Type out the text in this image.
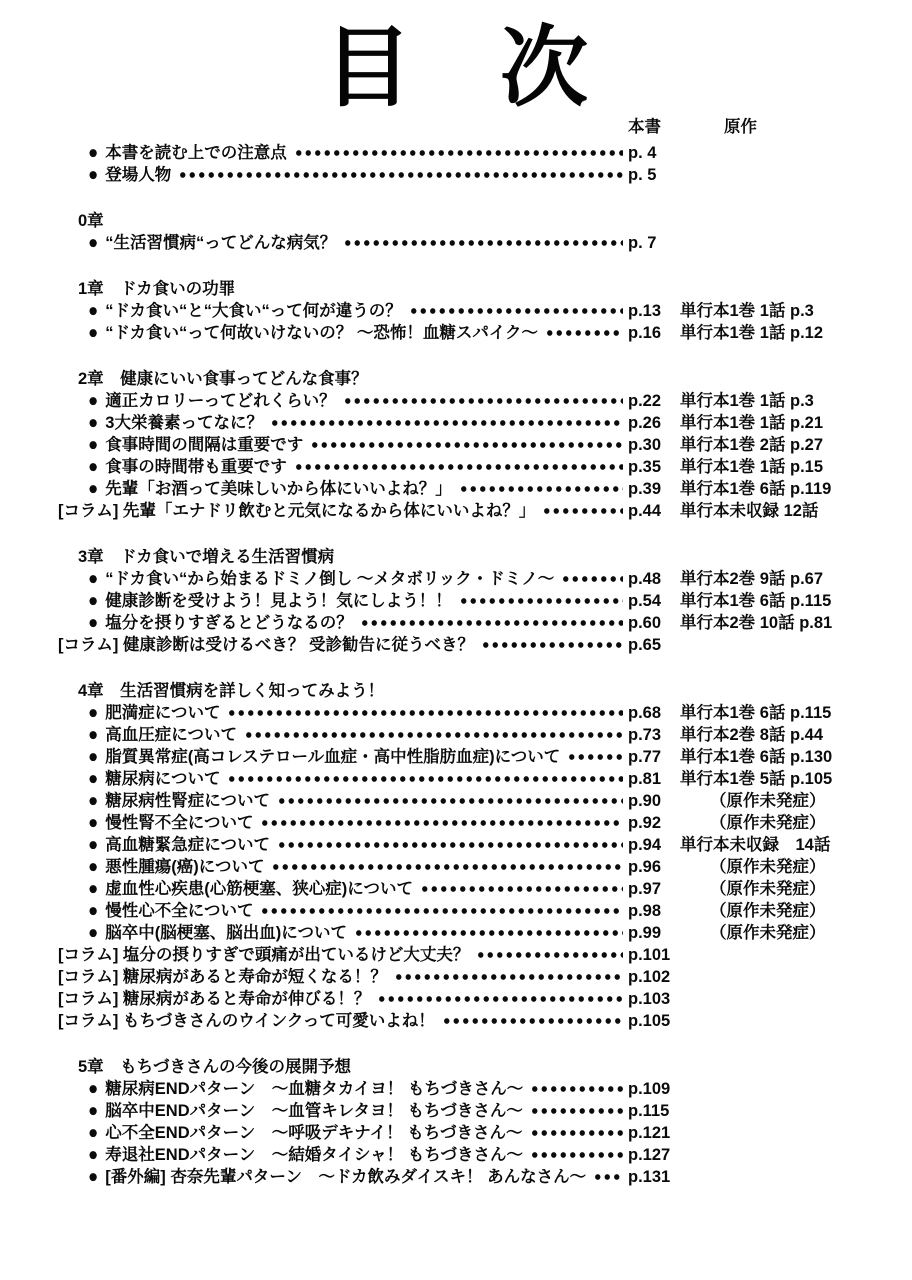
目　次
本書	原作
● 本書を読む上での注意点	p. 4
● 登場人物	p. 5
0章
● “生活習慣病“ってどんな病気？	p. 7
1章　ドカ食いの功罪
● “ドカ食い“と“大食い“って何が違うの？	p.13	単行本1巻 1話 p.3
● “ドカ食い“って何故いけないの？ ～恐怖！血糖スパイク～	p.16	単行本1巻 1話 p.12
2章　健康にいい食事ってどんな食事？
● 適正カロリーってどれくらい？	p.22	単行本1巻 1話 p.3
● 3大栄養素ってなに？	p.26	単行本1巻 1話 p.21
● 食事時間の間隔は重要です	p.30	単行本1巻 2話 p.27
● 食事の時間帯も重要です	p.35	単行本1巻 1話 p.15
● 先輩「お酒って美味しいから体にいいよね？」	p.39	単行本1巻 6話 p.119
[コラム] 先輩「エナドリ飲むと元気になるから体にいいよね？」	p.44	単行本未収録 12話
3章　ドカ食いで増える生活習慣病
● “ドカ食い“から始まるドミノ倒し ～メタボリック・ドミノ～	p.48	単行本2巻 9話 p.67
● 健康診断を受けよう！見よう！気にしよう！！	p.54	単行本1巻 6話 p.115
● 塩分を摂りすぎるとどうなるの？	p.60	単行本2巻 10話 p.81
[コラム] 健康診断は受けるべき？ 受診勧告に従うべき？	p.65
4章　生活習慣病を詳しく知ってみよう！
● 肥満症について	p.68	単行本1巻 6話 p.115
● 高血圧症について	p.73	単行本2巻 8話 p.44
● 脂質異常症(高コレステロール血症・高中性脂肪血症)について	p.77	単行本1巻 6話 p.130
● 糖尿病について	p.81	単行本1巻 5話 p.105
● 糖尿病性腎症について	p.90	（原作未発症）
● 慢性腎不全について	p.92	（原作未発症）
● 高血糖緊急症について	p.94	単行本未収録　14話
● 悪性腫瘍(癌)について	p.96	（原作未発症）
● 虚血性心疾患(心筋梗塞、狭心症)について	p.97	（原作未発症）
● 慢性心不全について	p.98	（原作未発症）
● 脳卒中(脳梗塞、脳出血)について	p.99	（原作未発症）
[コラム] 塩分の摂りすぎで頭痛が出ているけど大丈夫？	p.101
[コラム] 糖尿病があると寿命が短くなる！？	p.102
[コラム] 糖尿病があると寿命が伸びる！？	p.103
[コラム] もちづきさんのウインクって可愛いよね！	p.105
5章　もちづきさんの今後の展開予想
● 糖尿病ENDパターン　～血糖タカイヨ！ もちづきさん～	p.109
● 脳卒中ENDパターン　～血管キレタヨ！ もちづきさん～	p.115
● 心不全ENDパターン　～呼吸デキナイ！ もちづきさん～	p.121
● 寿退社ENDパターン　～結婚タイシャ！ もちづきさん～	p.127
● [番外編] 杏奈先輩パターン　～ドカ飲みダイスキ！ あんなさん～	p.131
